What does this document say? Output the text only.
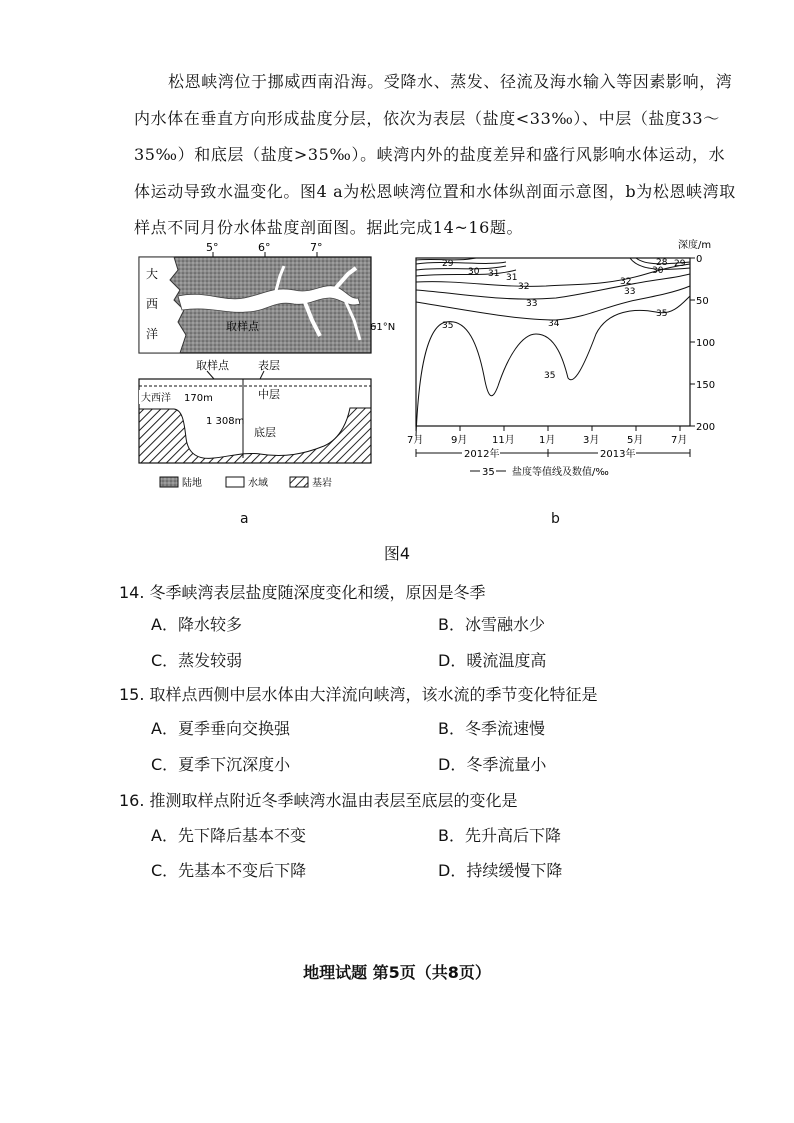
松恩峡湾位于挪威西南沿海。受降水、蒸发、径流及海水输入等因素影响，湾内水体在垂直方向形成盐度分层，依次为表层（盐度<33‰）、中层（盐度33～35‰）和底层（盐度>35‰）。峡湾内外的盐度差异和盛行风影响水体运动，水体运动导致水温变化。图4 a为松恩峡湾位置和水体纵剖面示意图，b为松恩峡湾取样点不同月份水体盐度剖面图。据此完成14~16题。

5°	6°	7°
61°N
大
西
洋
取样点
取样点	表层
大西洋 170m	中层
1 308m
底层
陆地	水域	基岩
a
深度/m
0
50
100
150
200
29
30
31
32
33
34
35
35
35
28 29
30
31
32
33
7月	9月 11月 1月	3月	5月	7月
2012年	2013年
35 盐度等值线及数值/‰
b
图4
14. 冬季峡湾表层盐度随深度变化和缓，原因是冬季
A．降水较多	B．冰雪融水少
C．蒸发较弱	D．暖流温度高
15. 取样点西侧中层水体由大洋流向峡湾，该水流的季节变化特征是
A．夏季垂向交换强	B．冬季流速慢
C．夏季下沉深度小	D．冬季流量小
16. 推测取样点附近冬季峡湾水温由表层至底层的变化是
A．先下降后基本不变	B．先升高后下降
C．先基本不变后下降	D．持续缓慢下降
地理试题 第5页（共8页）
